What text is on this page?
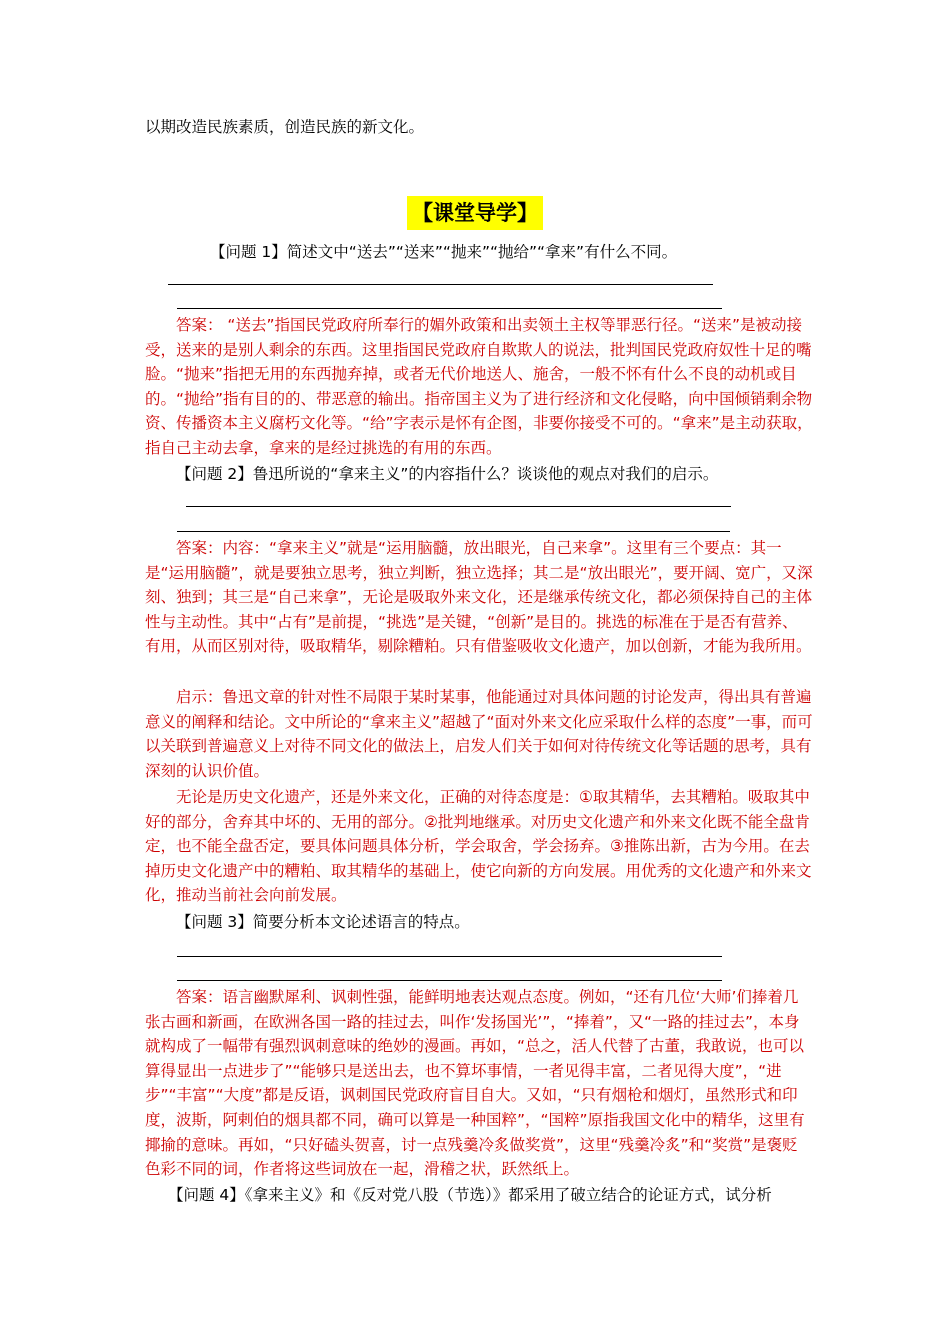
以期改造民族素质，创造民族的新文化。

【课堂导学】

【问题 1】简述文中“送去”“送来”“抛来”“抛给”“拿来”有什么不同。

答案： “送去”指国民党政府所奉行的媚外政策和出卖领土主权等罪恶行径。“送来”是被动接受，送来的是别人剩余的东西。这里指国民党政府自欺欺人的说法，批判国民党政府奴性十足的嘴脸。“抛来”指把无用的东西抛弃掉，或者无代价地送人、施舍，一般不怀有什么不良的动机或目的。“抛给”指有目的的、带恶意的输出。指帝国主义为了进行经济和文化侵略，向中国倾销剩余物资、传播资本主义腐朽文化等。“给”字表示是怀有企图，非要你接受不可的。“拿来”是主动获取，指自己主动去拿，拿来的是经过挑选的有用的东西。

【问题 2】鲁迅所说的“拿来主义”的内容指什么？谈谈他的观点对我们的启示。

答案：内容：“拿来主义”就是“运用脑髓，放出眼光，自己来拿”。这里有三个要点：其一是“运用脑髓”，就是要独立思考，独立判断，独立选择；其二是“放出眼光”，要开阔、宽广，又深刻、独到；其三是“自己来拿”，无论是吸取外来文化，还是继承传统文化，都必须保持自己的主体性与主动性。其中“占有”是前提，“挑选”是关键，“创新”是目的。挑选的标准在于是否有营养、有用，从而区别对待，吸取精华，剔除糟粕。只有借鉴吸收文化遗产，加以创新，才能为我所用。

启示：鲁迅文章的针对性不局限于某时某事，他能通过对具体问题的讨论发声，得出具有普遍意义的阐释和结论。文中所论的“拿来主义”超越了“面对外来文化应采取什么样的态度”一事，而可以关联到普遍意义上对待不同文化的做法上，启发人们关于如何对待传统文化等话题的思考，具有深刻的认识价值。

无论是历史文化遗产，还是外来文化，正确的对待态度是：①取其精华，去其糟粕。吸取其中好的部分，舍弃其中坏的、无用的部分。②批判地继承。对历史文化遗产和外来文化既不能全盘肯定，也不能全盘否定，要具体问题具体分析，学会取舍，学会扬弃。③推陈出新，古为今用。在去掉历史文化遗产中的糟粕、取其精华的基础上，使它向新的方向发展。用优秀的文化遗产和外来文化，推动当前社会向前发展。

【问题 3】简要分析本文论述语言的特点。

答案：语言幽默犀利、讽刺性强，能鲜明地表达观点态度。例如，“还有几位‘大师’们捧着几张古画和新画，在欧洲各国一路的挂过去，叫作‘发扬国光’”，“捧着”，又“一路的挂过去”，本身就构成了一幅带有强烈讽刺意味的绝妙的漫画。再如，“总之，活人代替了古董，我敢说，也可以算得显出一点进步了”“能够只是送出去，也不算坏事情，一者见得丰富，二者见得大度”，“进步”“丰富”“大度”都是反语，讽刺国民党政府盲目自大。又如，“只有烟枪和烟灯，虽然形式和印度，波斯，阿剌伯的烟具都不同，确可以算是一种国粹”，“国粹”原指我国文化中的精华，这里有揶揄的意味。再如，“只好磕头贺喜，讨一点残羹冷炙做奖赏”，这里“残羹冷炙”和“奖赏”是褒贬色彩不同的词，作者将这些词放在一起，滑稽之状，跃然纸上。

【问题 4】《拿来主义》和《反对党八股（节选）》都采用了破立结合的论证方式，试分析
